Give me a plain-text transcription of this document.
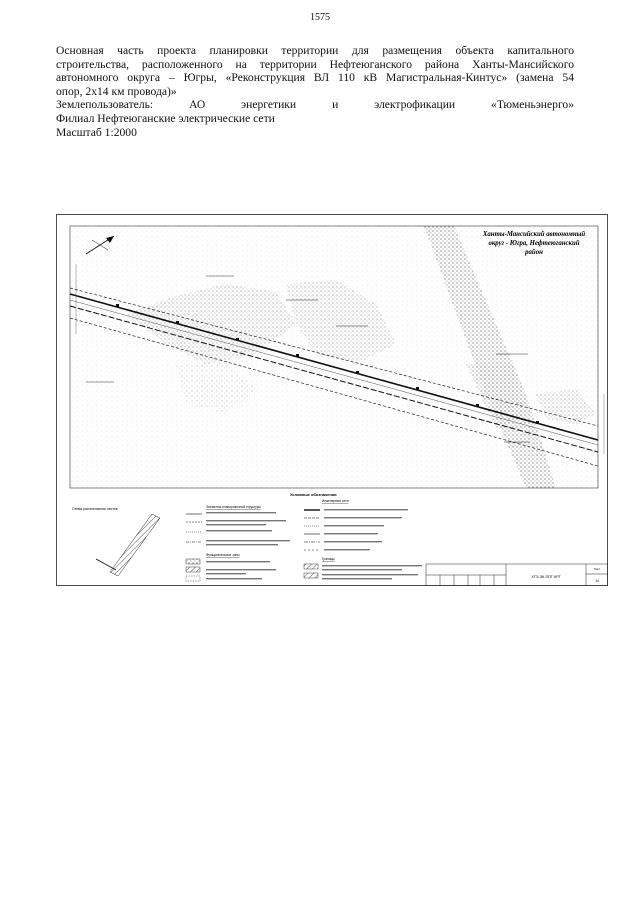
1575

Основная часть проекта планировки территории для размещения объекта капитального

строительства, расположенного на территории Нефтеюганского района Ханты-Мансийского

автономного округа – Югры, «Реконструкция ВЛ 110 кВ Магистральная-Кинтус» (замена 54

опор, 2х14 км провода)»

Землепользователь:	АО	энергетики	и	электрофикации	«Тюменьэнерго»

Филиал Нефтеюганские электрические сети

Масштаб 1:2000

Ханты-Мансийский автономный
округ - Югра, Нефтеюганский
район
Условные обозначения
Схема расположения листов	Элементы планировочной структуры
Функциональные зоны
Инженерные сети
Границы
ХТЭ-ЭК-ППТ-КРТ
Лист
14
